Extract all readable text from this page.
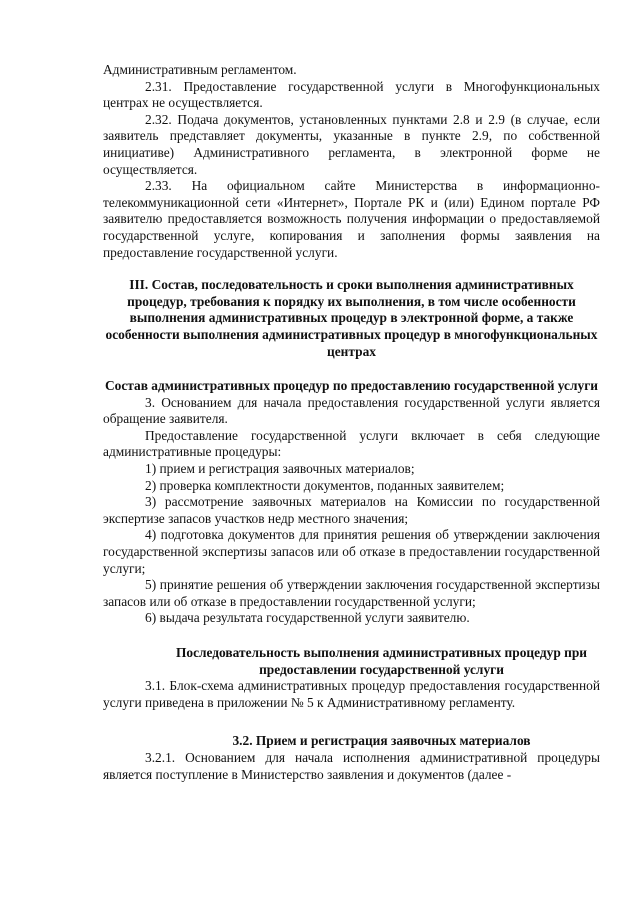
Административным регламентом.

2.31. Предоставление государственной услуги в Многофункциональных центрах не осуществляется.

2.32. Подача документов, установленных пунктами 2.8 и 2.9 (в случае, если заявитель представляет документы, указанные в пункте 2.9, по собственной инициативе) Административного регламента, в электронной форме не осуществляется.

2.33. На официальном сайте Министерства в информационно-телекоммуникационной сети «Интернет», Портале РК и (или) Едином портале РФ заявителю предоставляется возможность получения информации о предоставляемой государственной услуге, копирования и заполнения формы заявления на предоставление государственной услуги.

III. Состав, последовательность и сроки выполнения административных процедур, требования к порядку их выполнения, в том числе особенности выполнения административных процедур в электронной форме, а также особенности выполнения административных процедур в многофункциональных центрах

Состав административных процедур по предоставлению государственной услуги

3. Основанием для начала предоставления государственной услуги является обращение заявителя.

Предоставление государственной услуги включает в себя следующие административные процедуры:

1) прием и регистрация заявочных материалов;

2) проверка комплектности документов, поданных заявителем;

3) рассмотрение заявочных материалов на Комиссии по государственной экспертизе запасов участков недр местного значения;

4) подготовка документов для принятия решения об утверждении заключения государственной экспертизы запасов или об отказе в предоставлении государственной услуги;

5) принятие решения об утверждении заключения государственной экспертизы запасов или об отказе в предоставлении государственной услуги;

6) выдача результата государственной услуги заявителю.

Последовательность выполнения административных процедур при предоставлении государственной услуги

3.1. Блок-схема административных процедур предоставления государственной услуги приведена в приложении № 5 к Административному регламенту.

3.2. Прием и регистрация заявочных материалов

3.2.1. Основанием для начала исполнения административной процедуры является поступление в Министерство заявления и документов (далее -
